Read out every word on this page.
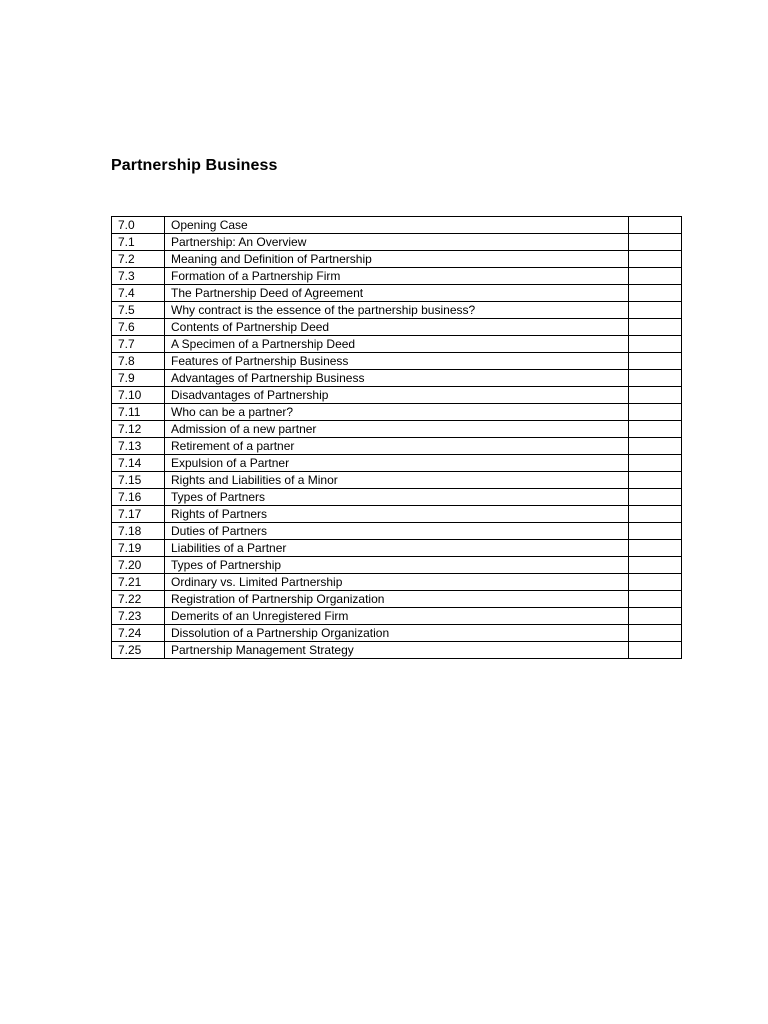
Partnership Business
7.0	Opening Case	
7.1	Partnership: An Overview	
7.2	Meaning and Definition of Partnership	
7.3	Formation of a Partnership Firm	
7.4	The Partnership Deed of Agreement	
7.5	Why contract is the essence of the partnership business?	
7.6	Contents of Partnership Deed	
7.7	A Specimen of a Partnership Deed	
7.8	Features of Partnership Business	
7.9	Advantages of Partnership Business	
7.10	Disadvantages of Partnership	
7.11	Who can be a partner?	
7.12	Admission of a new partner	
7.13	Retirement of a partner	
7.14	Expulsion of a Partner	
7.15	Rights and Liabilities of a Minor	
7.16	Types of Partners	
7.17	Rights of Partners	
7.18	Duties of Partners	
7.19	Liabilities of a Partner	
7.20	Types of Partnership	
7.21	Ordinary vs. Limited Partnership	
7.22	Registration of Partnership Organization	
7.23	Demerits of an Unregistered Firm	
7.24	Dissolution of a Partnership Organization	
7.25	Partnership Management Strategy	
